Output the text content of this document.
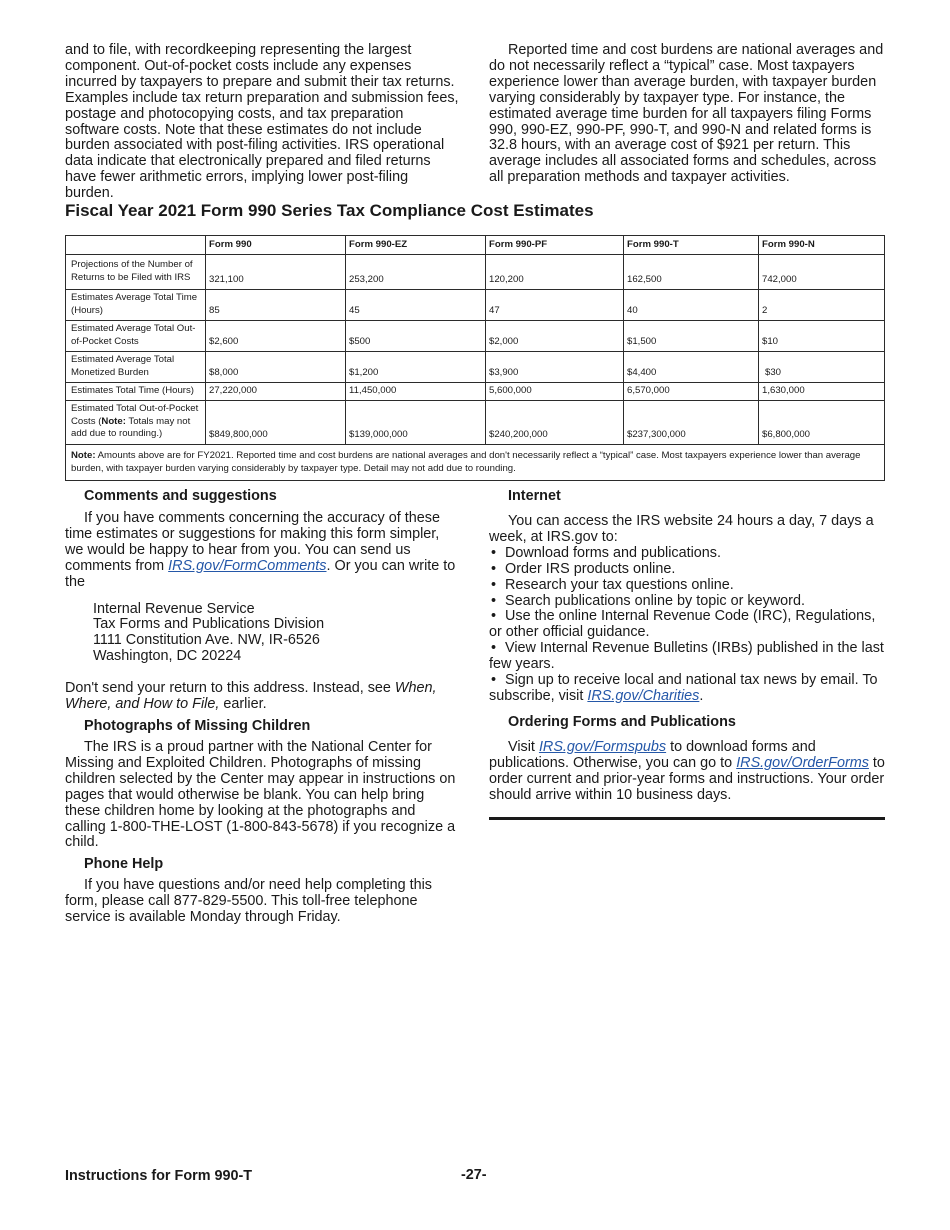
and to file, with recordkeeping representing the largest component. Out-of-pocket costs include any expenses incurred by taxpayers to prepare and submit their tax returns. Examples include tax return preparation and submission fees, postage and photocopying costs, and tax preparation software costs. Note that these estimates do not include burden associated with post-filing activities. IRS operational data indicate that electronically prepared and filed returns have fewer arithmetic errors, implying lower post-filing burden.

Reported time and cost burdens are national averages and do not necessarily reflect a “typical” case. Most taxpayers experience lower than average burden, with taxpayer burden varying considerably by taxpayer type. For instance, the estimated average time burden for all taxpayers filing Forms 990, 990-EZ, 990-PF, 990-T, and 990-N and related forms is 32.8 hours, with an average cost of $921 per return. This average includes all associated forms and schedules, across all preparation methods and taxpayer activities.

Fiscal Year 2021 Form 990 Series Tax Compliance Cost Estimates
	Form 990	Form 990-EZ	Form 990-PF	Form 990-T	Form 990-N
Projections of the Number of Returns to be Filed with IRS	321,100	253,200	120,200	162,500	742,000
Estimates Average Total Time (Hours)	85	45	47	40	2
Estimated Average Total Out-of-Pocket Costs	$2,600	$500	$2,000	$1,500	$10
Estimated Average Total Monetized Burden	$8,000	$1,200	$3,900	$4,400	$30
Estimates Total Time (Hours)	27,220,000	11,450,000	5,600,000	6,570,000	1,630,000
Estimated Total Out-of-Pocket Costs (Note: Totals may not add due to rounding.)	$849,800,000	$139,000,000	$240,200,000	$237,300,000	$6,800,000
Note: Amounts above are for FY2021. Reported time and cost burdens are national averages and don't necessarily reflect a “typical” case. Most taxpayers experience lower than average burden, with taxpayer burden varying considerably by taxpayer type. Detail may not add due to rounding.					
Comments and suggestions

If you have comments concerning the accuracy of these time estimates or suggestions for making this form simpler, we would be happy to hear from you. You can send us comments from IRS.gov/FormComments. Or you can write to the

Internal Revenue Service
Tax Forms and Publications Division
1111 Constitution Ave. NW, IR-6526
Washington, DC 20224

Don't send your return to this address. Instead, see When, Where, and How to File, earlier.

Photographs of Missing Children

The IRS is a proud partner with the National Center for Missing and Exploited Children. Photographs of missing children selected by the Center may appear in instructions on pages that would otherwise be blank. You can help bring these children home by looking at the photographs and calling 1-800-THE-LOST (1-800-843-5678) if you recognize a child.

Phone Help

If you have questions and/or need help completing this form, please call 877-829-5500. This toll-free telephone service is available Monday through Friday.

Internet

You can access the IRS website 24 hours a day, 7 days a week, at IRS.gov to:

• Download forms and publications.
• Order IRS products online.
• Research your tax questions online.
• Search publications online by topic or keyword.
• Use the online Internal Revenue Code (IRC), Regulations, or other official guidance.
• View Internal Revenue Bulletins (IRBs) published in the last few years.
• Sign up to receive local and national tax news by email. To subscribe, visit IRS.gov/Charities.
Ordering Forms and Publications

Visit IRS.gov/Formspubs to download forms and publications. Otherwise, you can go to IRS.gov/OrderForms to order current and prior-year forms and instructions. Your order should arrive within 10 business days.

Instructions for Form 990-T	-27-
